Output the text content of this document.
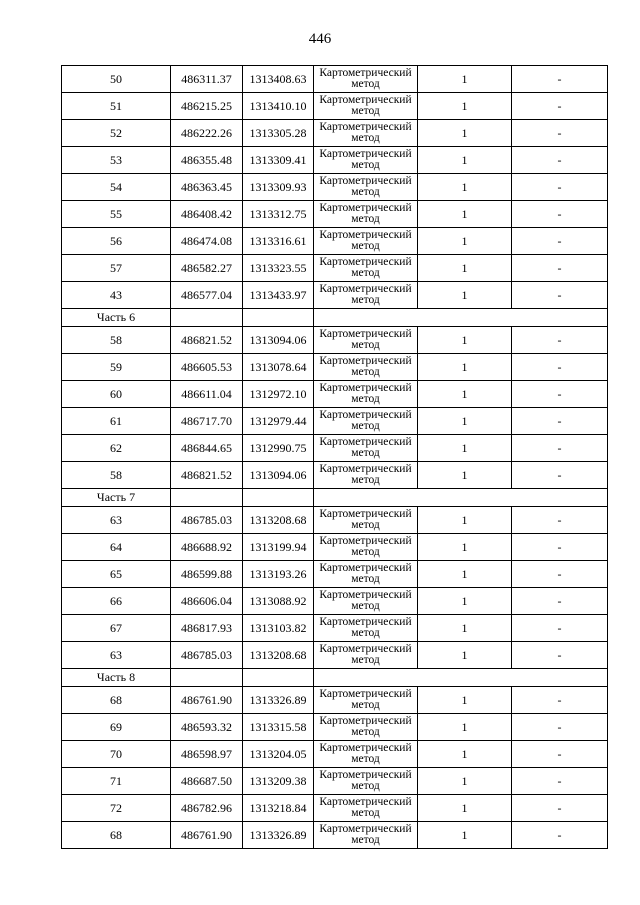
446
50	486311.37	1313408.63	Картометрический метод	1	-
51	486215.25	1313410.10	Картометрический метод	1	-
52	486222.26	1313305.28	Картометрический метод	1	-
53	486355.48	1313309.41	Картометрический метод	1	-
54	486363.45	1313309.93	Картометрический метод	1	-
55	486408.42	1313312.75	Картометрический метод	1	-
56	486474.08	1313316.61	Картометрический метод	1	-
57	486582.27	1313323.55	Картометрический метод	1	-
43	486577.04	1313433.97	Картометрический метод	1	-
Часть 6					
58	486821.52	1313094.06	Картометрический метод	1	-
59	486605.53	1313078.64	Картометрический метод	1	-
60	486611.04	1312972.10	Картометрический метод	1	-
61	486717.70	1312979.44	Картометрический метод	1	-
62	486844.65	1312990.75	Картометрический метод	1	-
58	486821.52	1313094.06	Картометрический метод	1	-
Часть 7					
63	486785.03	1313208.68	Картометрический метод	1	-
64	486688.92	1313199.94	Картометрический метод	1	-
65	486599.88	1313193.26	Картометрический метод	1	-
66	486606.04	1313088.92	Картометрический метод	1	-
67	486817.93	1313103.82	Картометрический метод	1	-
63	486785.03	1313208.68	Картометрический метод	1	-
Часть 8					
68	486761.90	1313326.89	Картометрический метод	1	-
69	486593.32	1313315.58	Картометрический метод	1	-
70	486598.97	1313204.05	Картометрический метод	1	-
71	486687.50	1313209.38	Картометрический метод	1	-
72	486782.96	1313218.84	Картометрический метод	1	-
68	486761.90	1313326.89	Картометрический метод	1	-
